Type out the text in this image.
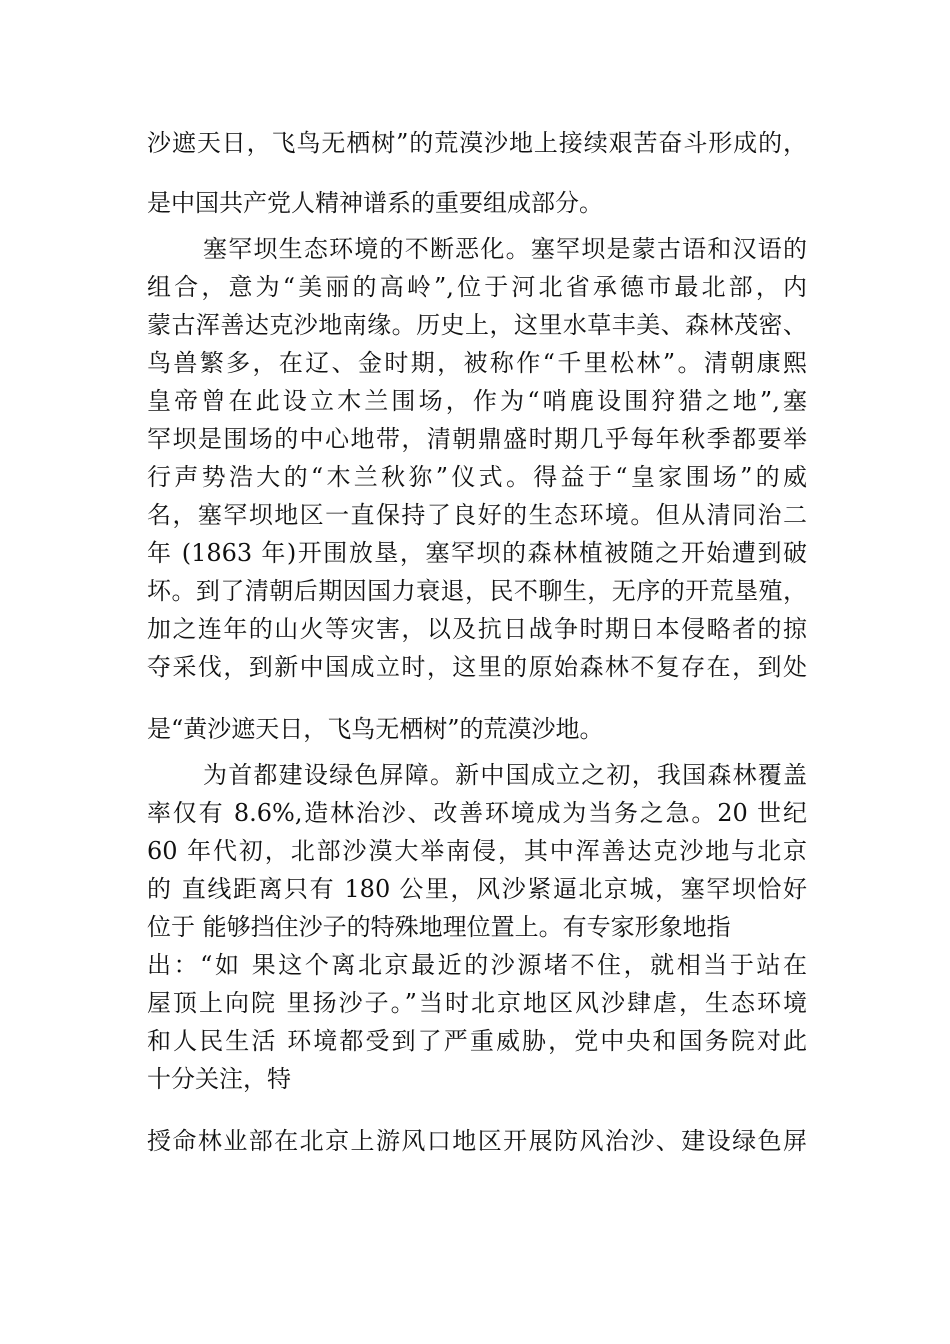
沙遮天日，飞鸟无栖树”的荒漠沙地上接续艰苦奋斗形成的，
是中国共产党人精神谱系的重要组成部分。
塞罕坝生态环境的不断恶化。塞罕坝是蒙古语和汉语的
组合，意为“美丽的高岭”,位于河北省承德市最北部，内
蒙古浑善达克沙地南缘。历史上，这里水草丰美、森林茂密、
鸟兽繁多，在辽、金时期，被称作“千里松林”。清朝康熙
皇帝曾在此设立木兰围场，作为“哨鹿设围狩猎之地”,塞
罕坝是围场的中心地带，清朝鼎盛时期几乎每年秋季都要举
行声势浩大的“木兰秋狝”仪式。得益于“皇家围场”的威
名，塞罕坝地区一直保持了良好的生态环境。但从清同治二
年 (1863 年)开围放垦，塞罕坝的森林植被随之开始遭到破
坏。到了清朝后期因国力衰退，民不聊生，无序的开荒垦殖，
加之连年的山火等灾害，以及抗日战争时期日本侵略者的掠
夺采伐，到新中国成立时，这里的原始森林不复存在，到处
是“黄沙遮天日，飞鸟无栖树”的荒漠沙地。
为首都建设绿色屏障。新中国成立之初，我国森林覆盖
率仅有 8.6%,造林治沙、改善环境成为当务之急。20 世纪
60 年代初，北部沙漠大举南侵，其中浑善达克沙地与北京
的 直线距离只有 180 公里，风沙紧逼北京城，塞罕坝恰好
位于 能够挡住沙子的特殊地理位置上。有专家形象地指
出：“如 果这个离北京最近的沙源堵不住，就相当于站在
屋顶上向院 里扬沙子。”当时北京地区风沙肆虐，生态环境
和人民生活 环境都受到了严重威胁，党中央和国务院对此
十分关注，特
授命林业部在北京上游风口地区开展防风治沙、建设绿色屏
